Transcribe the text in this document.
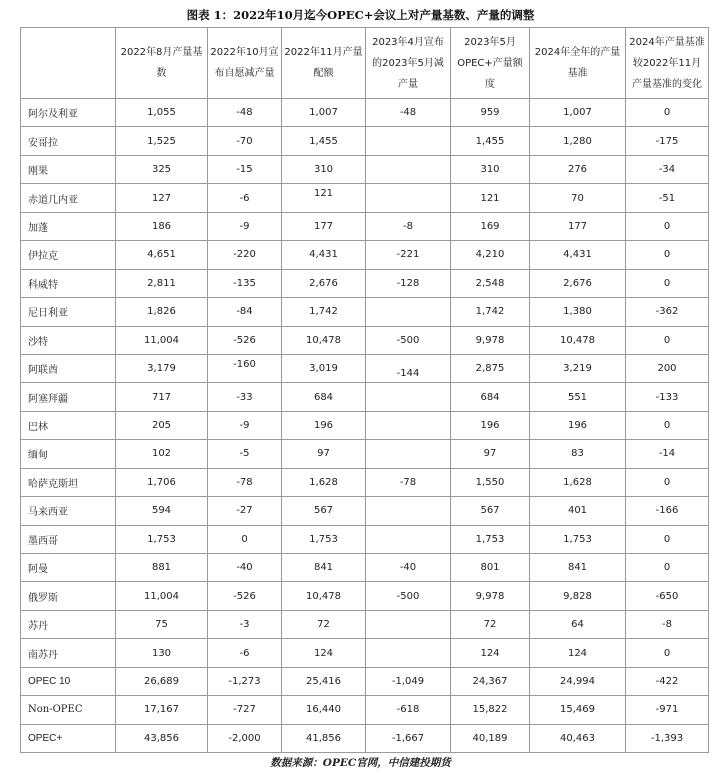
图表 1：2022年10月迄今OPEC+会议上对产量基数、产量的调整
	2022年8月产量基数	2022年10月宣布自愿减产量	2022年11月产量配额	2023年4月宣布的2023年5月减产量	2023年5月OPEC+产量额度	2024年全年的产量基准	2024年产量基准较2022年11月产量基准的变化
阿尔及利亚	1,055	-48	1,007	-48	959	1,007	0
安哥拉	1,525	-70	1,455		1,455	1,280	-175
刚果	325	-15	310		310	276	-34
赤道几内亚	127	-6	121		121	70	-51
加蓬	186	-9	177	-8	169	177	0
伊拉克	4,651	-220	4,431	-221	4,210	4,431	0
科威特	2,811	-135	2,676	-128	2,548	2,676	0
尼日利亚	1,826	-84	1,742		1,742	1,380	-362
沙特	11,004	-526	10,478	-500	9,978	10,478	0
阿联酋	3,179	-160	3,019	-144	2,875	3,219	200
阿塞拜疆	717	-33	684		684	551	-133
巴林	205	-9	196		196	196	0
缅甸	102	-5	97		97	83	-14
哈萨克斯坦	1,706	-78	1,628	-78	1,550	1,628	0
马来西亚	594	-27	567		567	401	-166
墨西哥	1,753	0	1,753		1,753	1,753	0
阿曼	881	-40	841	-40	801	841	0
俄罗斯	11,004	-526	10,478	-500	9,978	9,828	-650
苏丹	75	-3	72		72	64	-8
南苏丹	130	-6	124		124	124	0
OPEC 10	26,689	-1,273	25,416	-1,049	24,367	24,994	-422
Non-OPEC	17,167	-727	16,440	-618	15,822	15,469	-971
OPEC+	43,856	-2,000	41,856	-1,667	40,189	40,463	-1,393
数据来源：OPEC官网，中信建投期货
